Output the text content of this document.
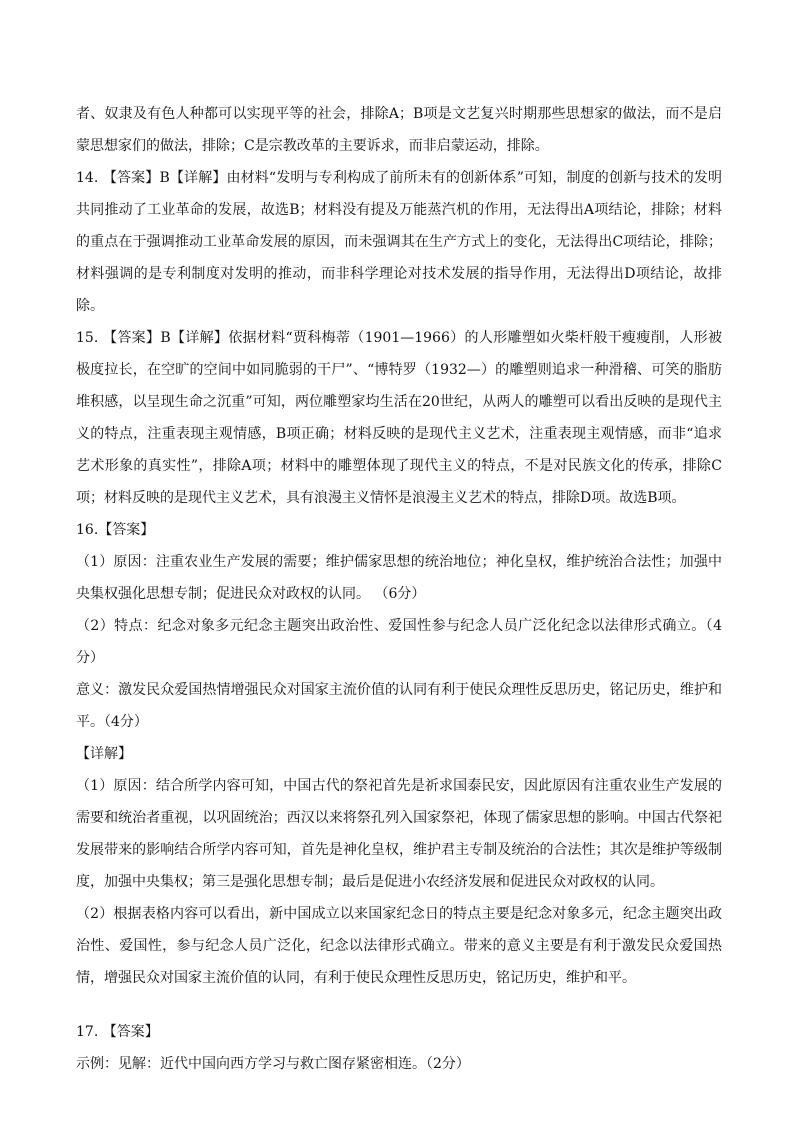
者、奴隶及有色人种都可以实现平等的社会，排除A；B项是文艺复兴时期那些思想家的做法，而不是启蒙思想家们的做法，排除；C是宗教改革的主要诉求，而非启蒙运动，排除。

14. 【答案】B【详解】由材料“发明与专利构成了前所未有的创新体系”可知，制度的创新与技术的发明共同推动了工业革命的发展，故选B；材料没有提及万能蒸汽机的作用，无法得出A项结论，排除；材料的重点在于强调推动工业革命发展的原因，而未强调其在生产方式上的变化，无法得出C项结论，排除；材料强调的是专利制度对发明的推动，而非科学理论对技术发展的指导作用，无法得出D项结论，故排除。

15. 【答案】B【详解】依据材料“贾科梅蒂（1901—1966）的人形雕塑如火柴杆般干瘦瘦削，人形被极度拉长，在空旷的空间中如同脆弱的干尸”、“博特罗（1932—）的雕塑则追求一种滑稽、可笑的脂肪堆积感，以呈现生命之沉重”可知，两位雕塑家均生活在20世纪，从两人的雕塑可以看出反映的是现代主义的特点，注重表现主观情感，B项正确；材料反映的是现代主义艺术，注重表现主观情感，而非“追求艺术形象的真实性”，排除A项；材料中的雕塑体现了现代主义的特点，不是对民族文化的传承，排除C项；材料反映的是现代主义艺术，具有浪漫主义情怀是浪漫主义艺术的特点，排除D项。故选B项。

16.【答案】

（1）原因：注重农业生产发展的需要；维护儒家思想的统治地位；神化皇权，维护统治合法性；加强中央集权强化思想专制；促进民众对政权的认同。 （6分）

（2）特点：纪念对象多元纪念主题突出政治性、爱国性参与纪念人员广泛化纪念以法律形式确立。（4分）

意义：激发民众爱国热情增强民众对国家主流价值的认同有利于使民众理性反思历史，铭记历史，维护和平。（4分）

【详解】

（1）原因：结合所学内容可知，中国古代的祭祀首先是祈求国泰民安，因此原因有注重农业生产发展的需要和统治者重视，以巩固统治；西汉以来将祭孔列入国家祭祀，体现了儒家思想的影响。中国古代祭祀发展带来的影响结合所学内容可知，首先是神化皇权，维护君主专制及统治的合法性；其次是维护等级制度，加强中央集权；第三是强化思想专制；最后是促进小农经济发展和促进民众对政权的认同。

（2）根据表格内容可以看出，新中国成立以来国家纪念日的特点主要是纪念对象多元，纪念主题突出政治性、爱国性，参与纪念人员广泛化，纪念以法律形式确立。带来的意义主要是有利于激发民众爱国热情，增强民众对国家主流价值的认同，有利于使民众理性反思历史，铭记历史，维护和平。

17. 【答案】

示例：见解：近代中国向西方学习与救亡图存紧密相连。（2分）
